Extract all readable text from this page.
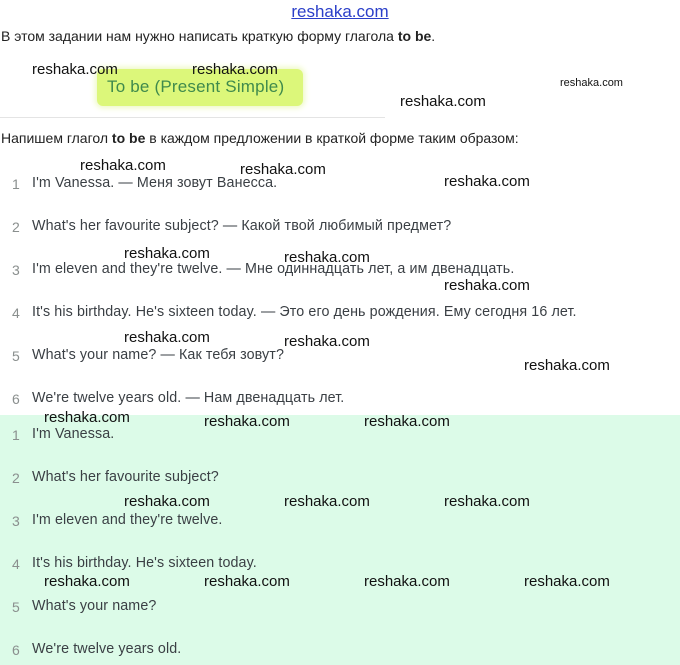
reshaka.com
В этом задании нам нужно написать краткую форму глагола to be.
To be (Present Simple)
Напишем глагол to be в каждом предложении в краткой форме таким образом:
1 I'm Vanessa. — Меня зовут Ванесса.
2 What's her favourite subject? — Какой твой любимый предмет?
3 I'm eleven and they're twelve. — Мне одиннадцать лет, а им двенадцать.
4 It's his birthday. He's sixteen today. — Это его день рождения. Ему сегодня 16 лет.
5 What's your name? — Как тебя зовут?
6 We're twelve years old. — Нам двенадцать лет.
1 I'm Vanessa.
2 What's her favourite subject?
3 I'm eleven and they're twelve.
4 It's his birthday. He's sixteen today.
5 What's your name?
6 We're twelve years old.
reshaka.com	reshaka.com
reshaka.com
reshaka.com
reshaka.com	reshaka.com
reshaka.com
reshaka.com	reshaka.com
reshaka.com
reshaka.com	reshaka.com
reshaka.com
reshaka.com	reshaka.com	reshaka.com
reshaka.com	reshaka.com	reshaka.com
reshaka.com	reshaka.com	reshaka.com	reshaka.com
